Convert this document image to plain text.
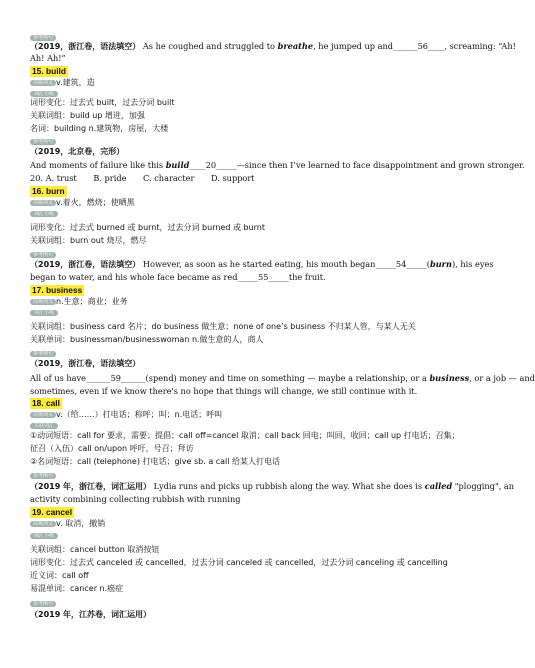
参考例句
（2019，浙江卷，语法填空） As he coughed and struggled to breathe, he jumped up and______56____, screaming: “Ah!
Ah! Ah!”
15. build
高频词义 v.建筑，造
词汇小练
词形变化：过去式 built，过去分词 built
关联词组：build up 增进，加强
名词：building n.建筑物，房屋，大楼
参考例句
（2019，北京卷，完形）
And moments of failure like this build____20_____—since then I’ve learned to face disappointment and grown stronger.
20. A. trust B. pride C. character D. support
16. burn
高频词义 v.着火，燃烧；使晒黑
词汇小练
词形变化：过去式 burned 或 burnt，过去分词 burned 或 burnt
关联词组：burn out 烧尽，燃尽
参考例句
（2019，浙江卷，语法填空） However, as soon as he started eating, his mouth began_____54_____(burn), his eyes
began to water, and his whole face became as red_____55_____the fruit.
17. business
高频词义 n.生意；商业；业务
词汇小练
关联词组：business card 名片；do business 做生意；none of one’s business 不归某人管，与某人无关
关联单词：businessman/businesswoman n.做生意的人，商人
参考例句
（2019，浙江卷，语法填空）
All of us have______59______(spend) money and time on something — maybe a relationship, or a business, or a job — and
sometimes, even if we know there's no hope that things will change, we still continue with it.
18. call
高频词义 v.（给……）打电话；称呼；叫；n.电话；呼叫
关联词汇
①动词短语：call for 要求，需要；提倡；call off=cancel 取消；call back 回电；叫回，收回；call up 打电话；召集；
征召（入伍）call on/upon 呼吁，号召；拜访
②名词短语：call (telephone) 打电话；give sb. a call 给某人打电话
参考例句
（2019 年，浙江卷，词汇运用） Lydia runs and picks up rubbish along the way. What she does is called "plogging", an
activity combining collecting rubbish with running
19. cancel
高频词义 v. 取消，撤销
词汇小练
关联词组：cancel button 取消按钮
词形变化：过去式 canceled 或 cancelled，过去分词 canceled 或 cancelled，过去分词 canceling 或 cancelling
近义词：call off
易混单词：cancer n.癌症
参考例句
（2019 年，江苏卷，词汇运用）
